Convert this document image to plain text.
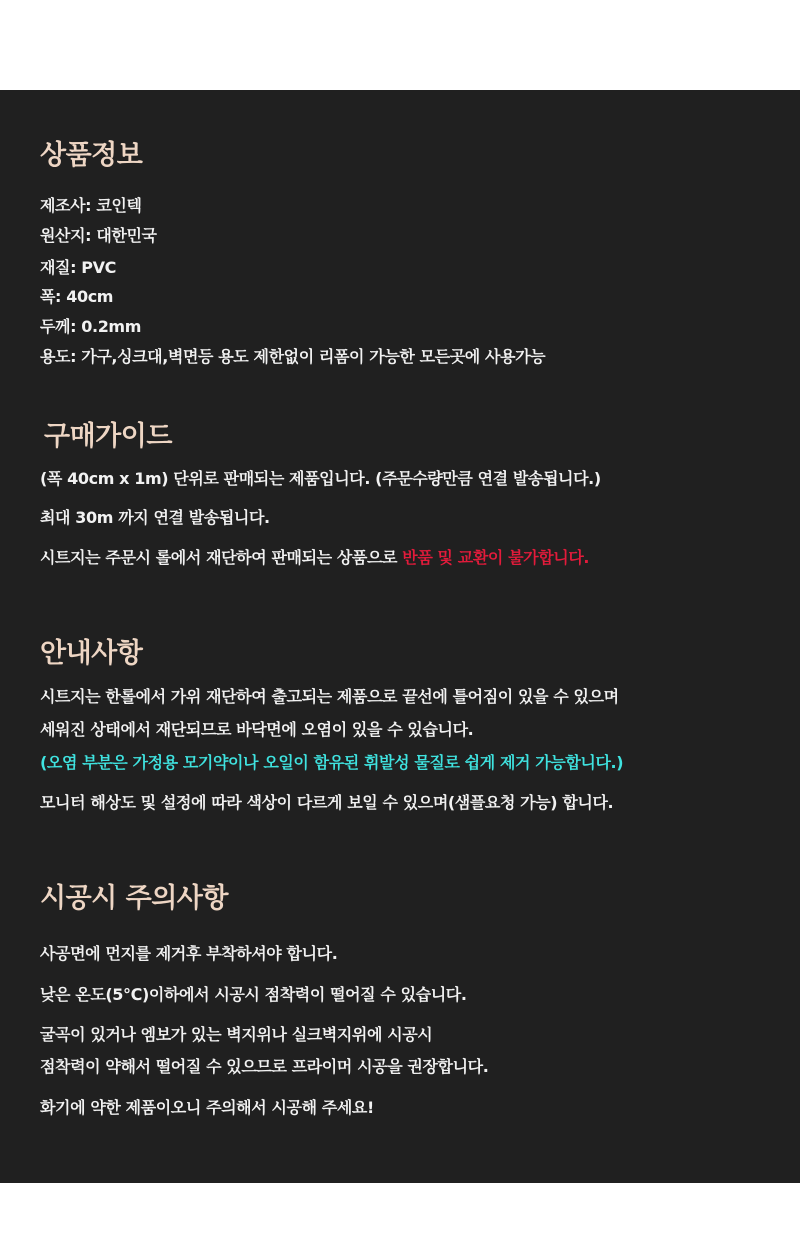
상품정보

제조사: 코인텍

원산지: 대한민국

재질: PVC

폭: 40cm

두께: 0.2mm

용도: 가구,싱크대,벽면등 용도 제한없이 리폼이 가능한 모든곳에 사용가능

구매가이드

(폭 40cm x 1m) 단위로 판매되는 제품입니다. (주문수량만큼 연결 발송됩니다.)

최대 30m 까지 연결 발송됩니다.

시트지는 주문시 롤에서 재단하여 판매되는 상품으로 반품 및 교환이 불가합니다.

안내사항

시트지는 한롤에서 가위 재단하여 출고되는 제품으로 끝선에 틀어짐이 있을 수 있으며

세워진 상태에서 재단되므로 바닥면에 오염이 있을 수 있습니다.

(오염 부분은 가정용 모기약이나 오일이 함유된 휘발성 물질로 쉽게 제거 가능합니다.)

모니터 해상도 및 설정에 따라 색상이 다르게 보일 수 있으며(샘플요청 가능) 합니다.

시공시 주의사항

사공면에 먼지를 제거후 부착하셔야 합니다.

낮은 온도(5℃)이하에서 시공시 점착력이 떨어질 수 있습니다.

굴곡이 있거나 엠보가 있는 벽지위나 실크벽지위에 시공시

점착력이 약해서 떨어질 수 있으므로 프라이머 시공을 권장합니다.

화기에 약한 제품이오니 주의해서 시공해 주세요!
